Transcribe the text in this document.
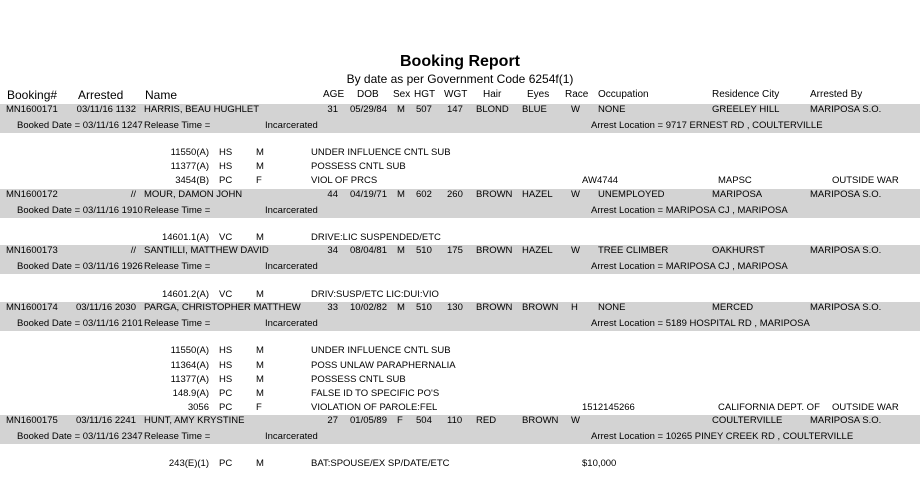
Booking Report
By date as per Government Code 6254f(1)
Booking# Arrested Name	AGE DOB Sex HGT WGT Hair	Eyes Race Occupation	Residence City	Arrested By
MN1600171 03/11/16 1132 HARRIS, BEAU HUGHLET	31 05/29/84 M 507 147 BLOND BLUE	W NONE	GREELEY HILL	MARIPOSA S.O.
Booked Date = 03/11/16 1247 Release Time =	Incarcerated	Arrest Location = 9717 ERNEST RD , COULTERVILLE
11550(A) HS	M	UNDER INFLUENCE CNTL SUB
11377(A) HS	M	POSSESS CNTL SUB
3454(B) PC	F	VIOL OF PRCS	AW4744	MAPSC	OUTSIDE WAR
MN1600172	// MOUR, DAMON JOHN	44 04/19/71 M 602 260 BROWN HAZEL W UNEMPLOYED	MARIPOSA	MARIPOSA S.O.
Booked Date = 03/11/16 1910 Release Time =	Incarcerated	Arrest Location = MARIPOSA CJ , MARIPOSA
14601.1(A) VC	M	DRIVE:LIC SUSPENDED/ETC
MN1600173	// SANTILLI, MATTHEW DAVID	34 08/04/81 M 510 175 BROWN HAZEL W TREE CLIMBER	OAKHURST	MARIPOSA S.O.
Booked Date = 03/11/16 1926 Release Time =	Incarcerated	Arrest Location = MARIPOSA CJ , MARIPOSA
14601.2(A) VC	M	DRIV:SUSP/ETC LIC:DUI:VIO
MN1600174 03/11/16 2030 PARGA, CHRISTOPHER MATTHEW	33 10/02/82 M 510 130 BROWN BROWN H NONE	MERCED	MARIPOSA S.O.
Booked Date = 03/11/16 2101 Release Time =	Incarcerated	Arrest Location = 5189 HOSPITAL RD , MARIPOSA
11550(A) HS	M	UNDER INFLUENCE CNTL SUB
11364(A) HS	M	POSS UNLAW PARAPHERNALIA
11377(A) HS	M	POSSESS CNTL SUB
148.9(A) PC	M	FALSE ID TO SPECIFIC PO'S
3056 PC	F	VIOLATION OF PAROLE:FEL	1512145266	CALIFORNIA DEPT. OF OUTSIDE WAR
MN1600175 03/11/16 2241 HUNT, AMY KRYSTINE	27 01/05/89 F 504 110 RED	BROWN W	COULTERVILLE	MARIPOSA S.O.
Booked Date = 03/11/16 2347 Release Time =	Incarcerated	Arrest Location = 10265 PINEY CREEK RD , COULTERVILLE
243(E)(1) PC	M	BAT:SPOUSE/EX SP/DATE/ETC	$10,000
